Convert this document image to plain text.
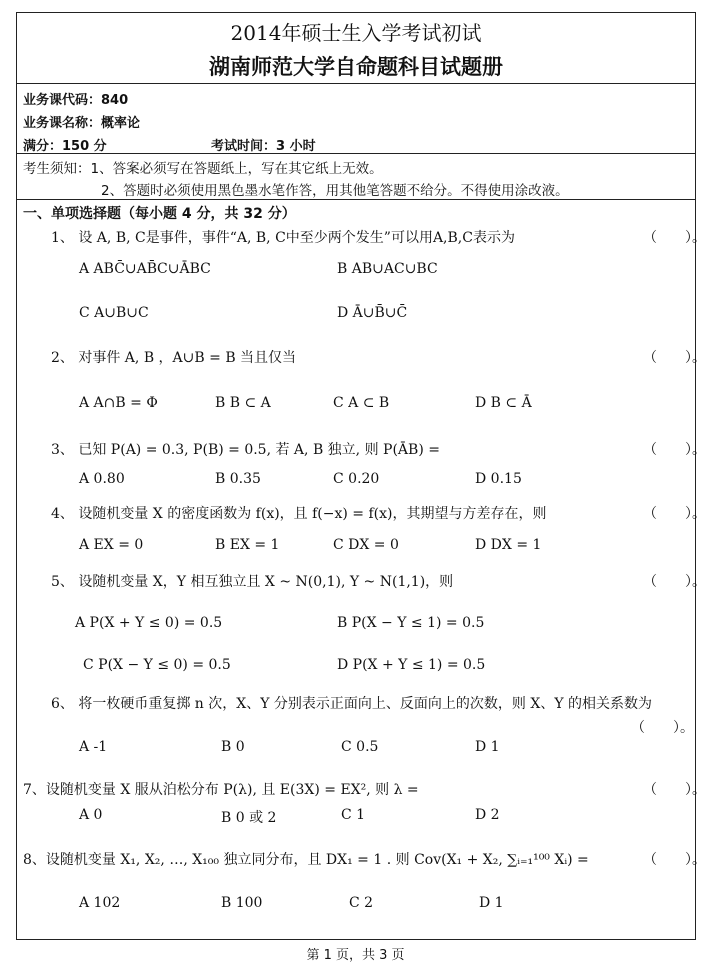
2014年硕士生入学考试初试
湖南师范大学自命题科目试题册
业务课代码：840
业务课名称：概率论
满分：150 分	考试时间：3 小时
考生须知：1、答案必须写在答题纸上，写在其它纸上无效。
2、答题时必须使用黑色墨水笔作答，用其他笔答题不给分。不得使用涂改液。
一、单项选择题（每小题 4 分，共 32 分）
1、 设 A, B, C是事件，事件“A, B, C中至少两个发生”可以用A,B,C表示为	（　　）。
A ABC̄∪AB̄C∪ĀBC	B AB∪AC∪BC
C A∪B∪C	D Ā∪B̄∪C̄
2、 对事件 A, B ，A∪B = B 当且仅当	（　　）。
A A∩B = Φ	B B ⊂ A	C A ⊂ B	D B ⊂ Ā
3、 已知 P(A) = 0.3, P(B) = 0.5, 若 A, B 独立, 则 P(ĀB) =	（　　）。
A 0.80	B 0.35	C 0.20	D 0.15
4、 设随机变量 X 的密度函数为 f(x)，且 f(−x) = f(x)，其期望与方差存在，则	（　　）。
A EX = 0	B EX = 1	C DX = 0	D DX = 1
5、 设随机变量 X，Y 相互独立且 X ~ N(0,1), Y ~ N(1,1)，则	（　　）。
A P(X + Y ≤ 0) = 0.5	B P(X − Y ≤ 1) = 0.5
C P(X − Y ≤ 0) = 0.5	D P(X + Y ≤ 1) = 0.5
6、 将一枚硬币重复掷 n 次，X、Y 分别表示正面向上、反面向上的次数，则 X、Y 的相关系数为
（　　）。
A -1	B 0	C 0.5	D 1
7、设随机变量 X 服从泊松分布 P(λ), 且 E(3X) = EX², 则 λ =	（　　）。
A 0	B 0 或 2	C 1	D 2
8、设随机变量 X₁, X₂, …, X₁₀₀ 独立同分布，且 DX₁ = 1 . 则 Cov(X₁ + X₂, ∑ᵢ₌₁¹⁰⁰ Xᵢ) =	（　　）。
A 102	B 100	C 2	D 1
第 1 页，共 3 页
